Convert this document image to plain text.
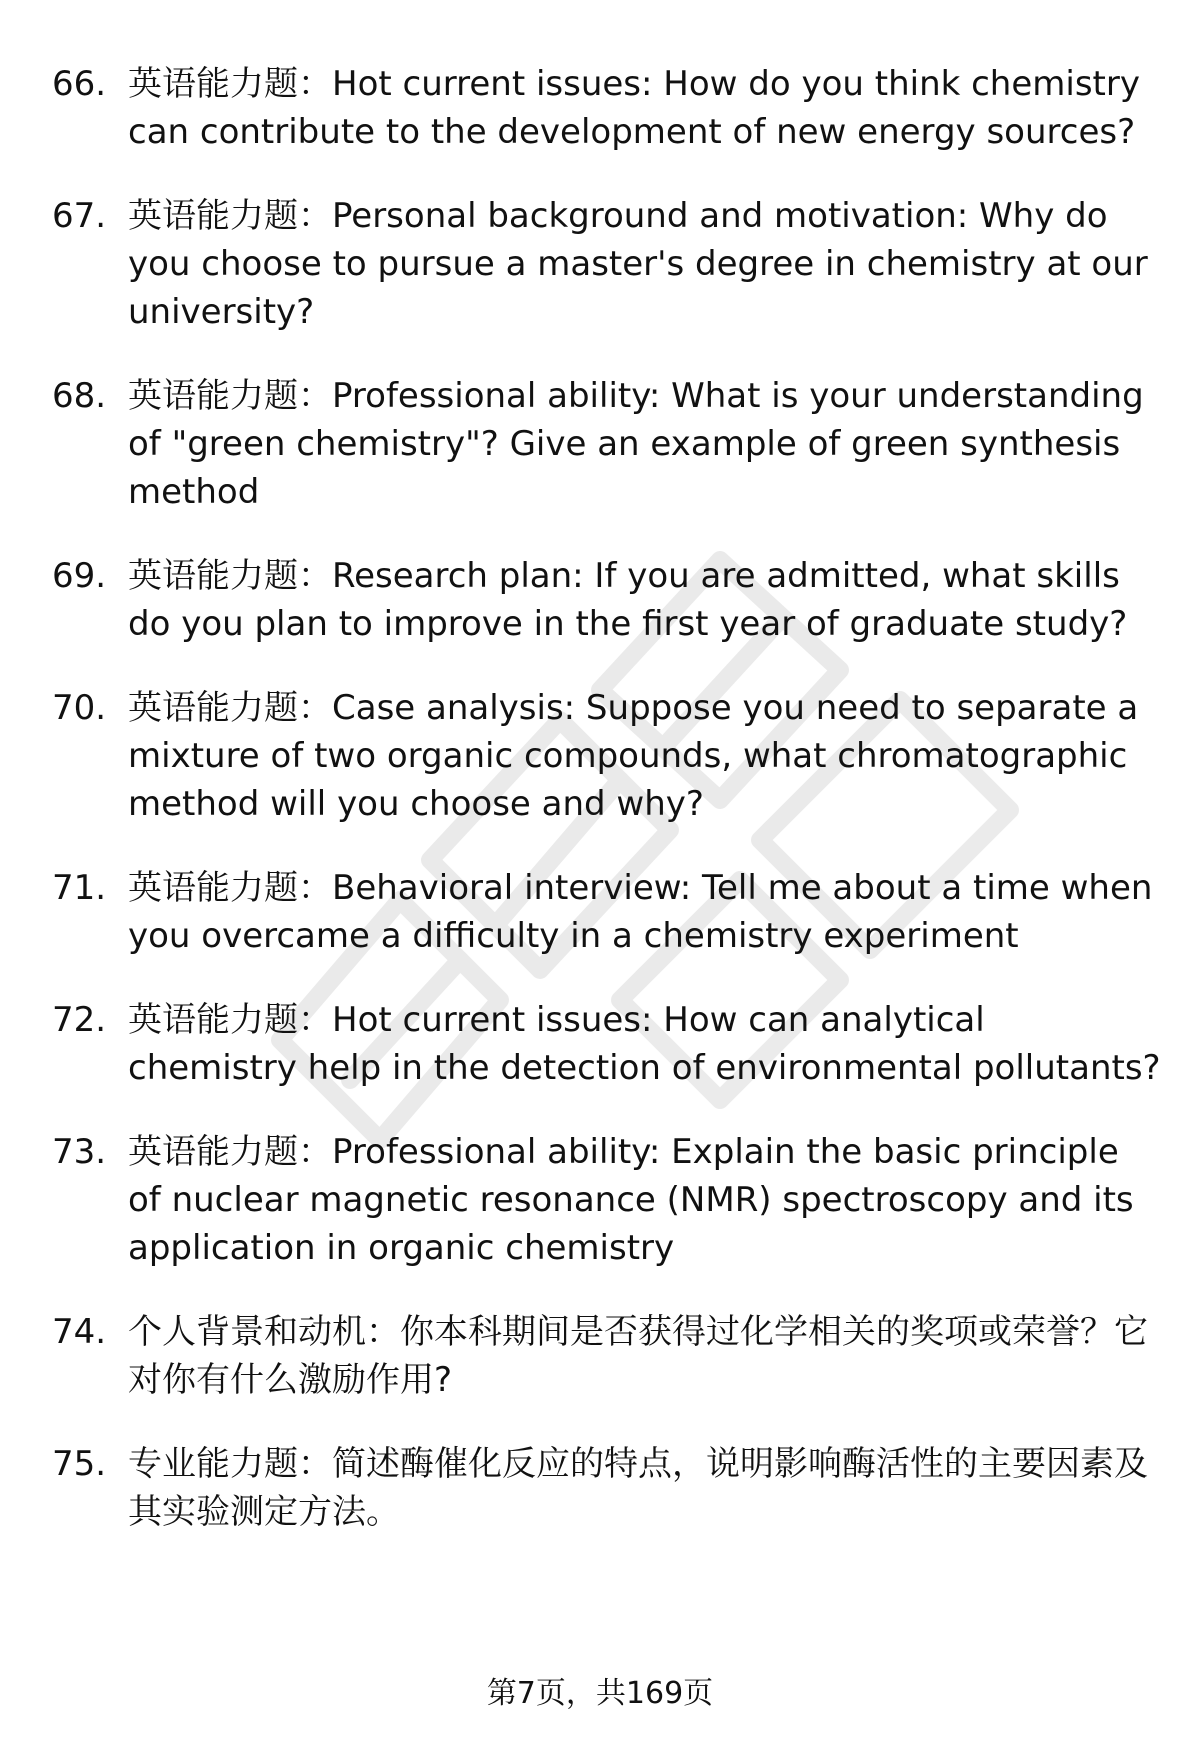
66. 英语能力题：Hot current issues: How do you think chemistry can contribute to the development of new energy sources?
67. 英语能力题：Personal background and motivation: Why do you choose to pursue a master's degree in chemistry at our university?
68. 英语能力题：Professional ability: What is your understanding of "green chemistry"? Give an example of green synthesis method
69. 英语能力题：Research plan: If you are admitted, what skills do you plan to improve in the first year of graduate study?
70. 英语能力题：Case analysis: Suppose you need to separate a mixture of two organic compounds, what chromatographic method will you choose and why?
71. 英语能力题：Behavioral interview: Tell me about a time when you overcame a difficulty in a chemistry experiment
72. 英语能力题：Hot current issues: How can analytical chemistry help in the detection of environmental pollutants?
73. 英语能力题：Professional ability: Explain the basic principle of nuclear magnetic resonance (NMR) spectroscopy and its application in organic chemistry
74. 个人背景和动机：你本科期间是否获得过化学相关的奖项或荣誉？它对你有什么激励作用?
75. 专业能力题：简述酶催化反应的特点，说明影响酶活性的主要因素及其实验测定方法。
第7页，共169页
